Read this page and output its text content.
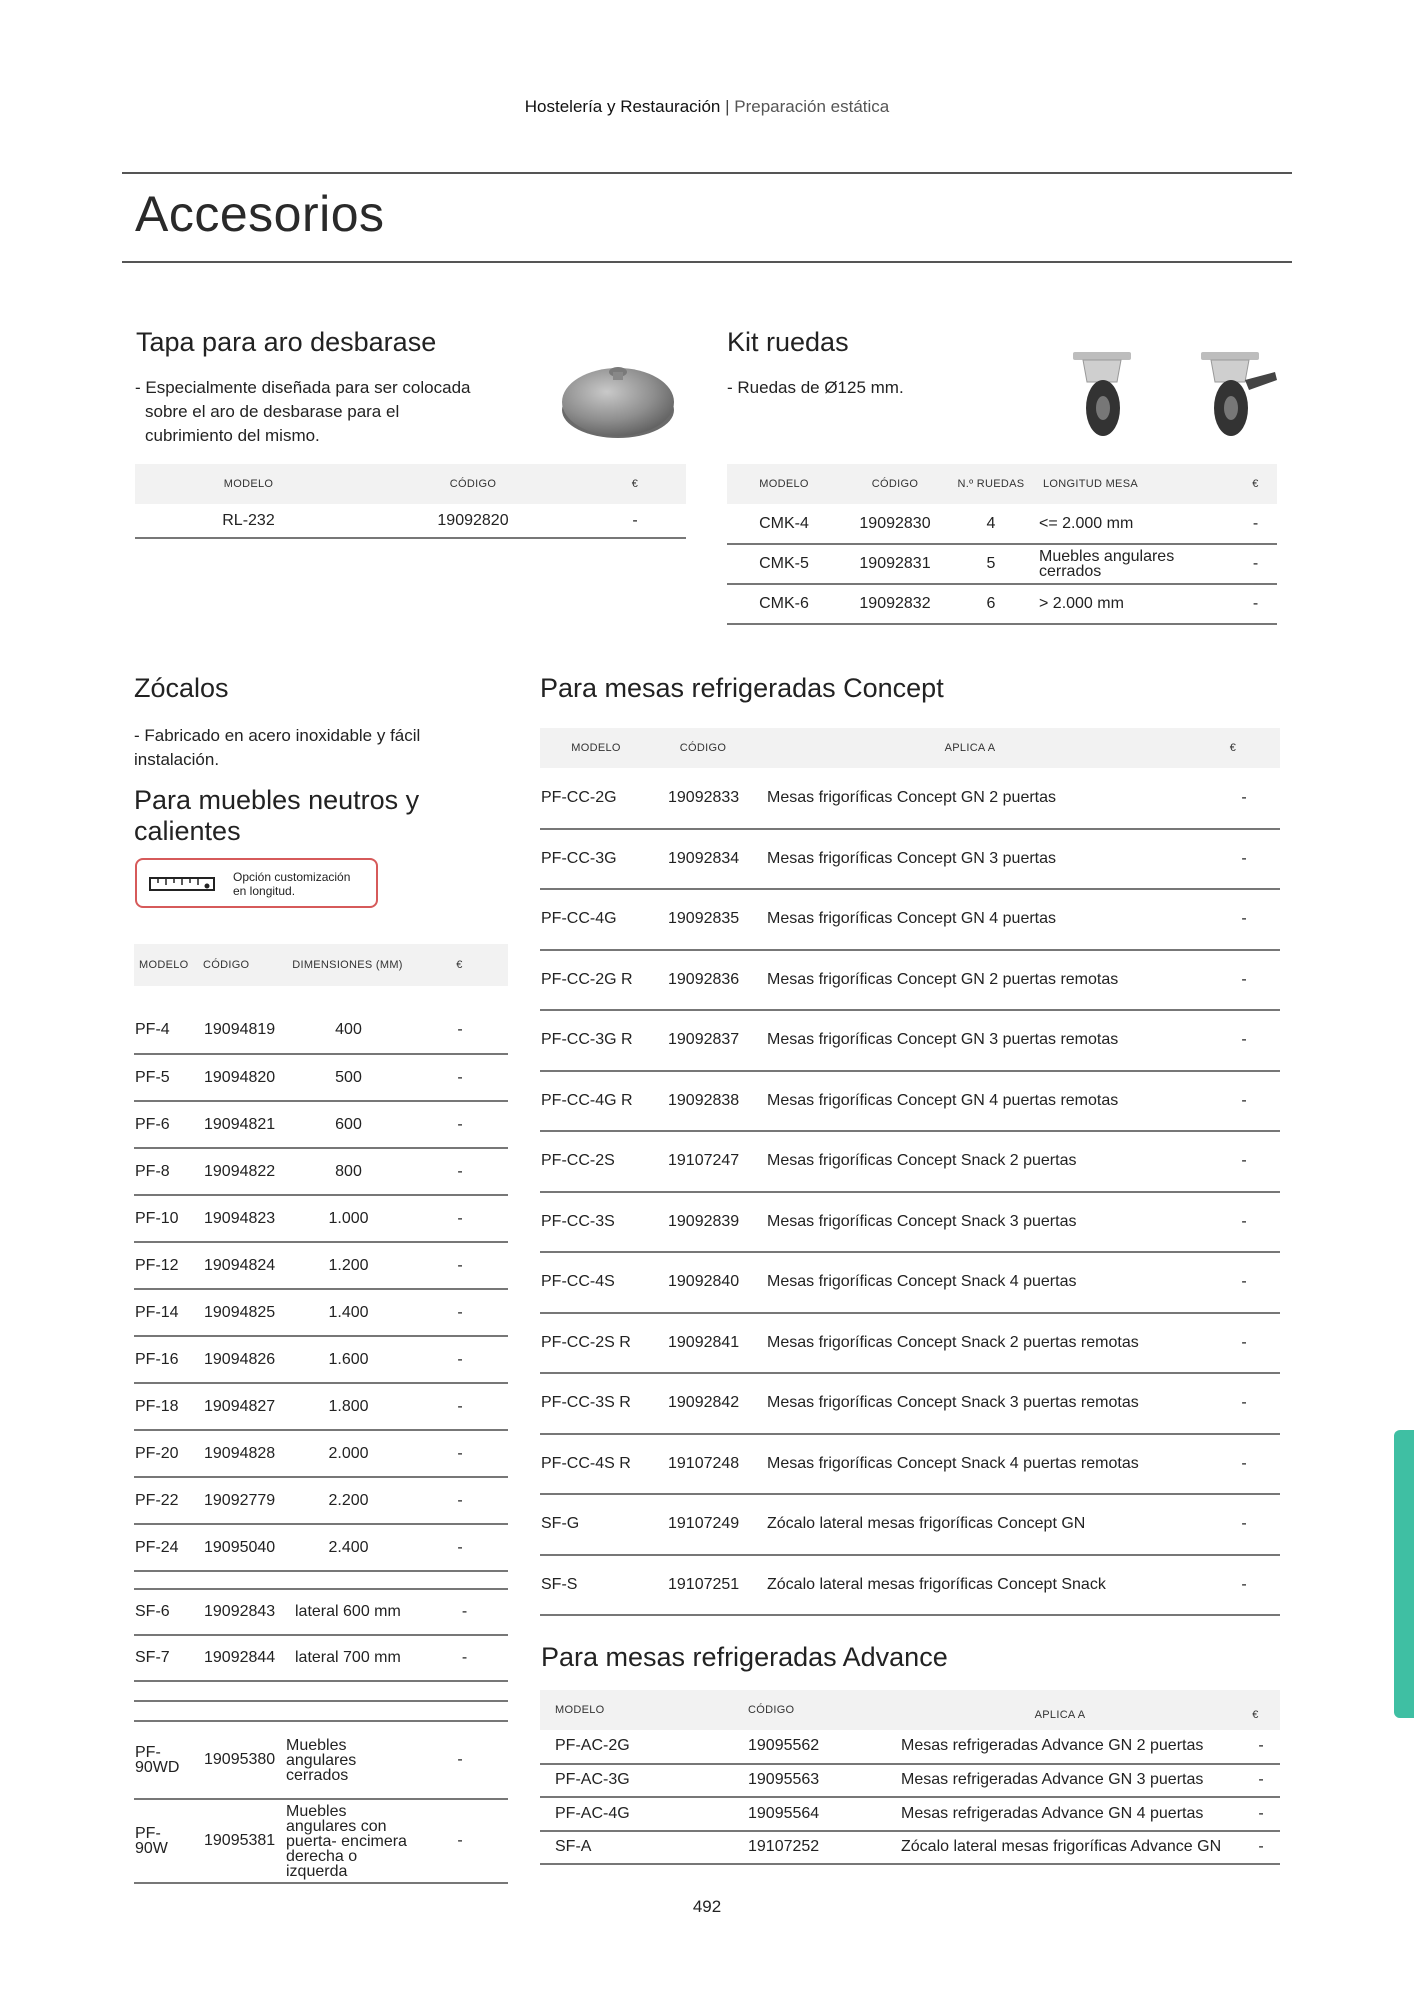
Hostelería y Restauración | Preparación estática
Accesorios
Tapa para aro desbarase
- Especialmente diseñada para ser colocada
sobre el aro de desbarase para el
cubrimiento del mismo.
MODELO	CÓDIGO	€
RL-232	19092820	-
Kit ruedas
- Ruedas de Ø125 mm.
MODELO	CÓDIGO	N.º RUEDAS	LONGITUD MESA	€
CMK-4	19092830	4	<= 2.000 mm	-
CMK-5	19092831	5	Muebles angulares
cerrados	-
CMK-6	19092832	6	> 2.000 mm	-
Zócalos
- Fabricado en acero inoxidable y fácil
instalación.
Para muebles neutros y
calientes
Opción customización
en longitud.
MODELO	CÓDIGO	DIMENSIONES (MM)	€

PF-4	19094819	400	-
PF-5	19094820	500	-
PF-6	19094821	600	-
PF-8	19094822	800	-
PF-10	19094823	1.000	-
PF-12	19094824	1.200	-
PF-14	19094825	1.400	-
PF-16	19094826	1.600	-
PF-18	19094827	1.800	-
PF-20	19094828	2.000	-
PF-22	19092779	2.200	-
PF-24	19095040	2.400	-

SF-6	19092843	lateral 600 mm	-
SF-7	19092844	lateral 700 mm	-

PF-
90WD	19095380	Muebles
angulares
cerrados	-
PF-
90W	19095381	Muebles
angulares con
puerta- encimera
derecha o
izquerda	-
Para mesas refrigeradas Concept
MODELO	CÓDIGO	APLICA A	€
PF-CC-2G	19092833	Mesas frigoríficas Concept GN 2 puertas	-
PF-CC-3G	19092834	Mesas frigoríficas Concept GN 3 puertas	-
PF-CC-4G	19092835	Mesas frigoríficas Concept GN 4 puertas	-
PF-CC-2G R	19092836	Mesas frigoríficas Concept GN 2 puertas remotas	-
PF-CC-3G R	19092837	Mesas frigoríficas Concept GN 3 puertas remotas	-
PF-CC-4G R	19092838	Mesas frigoríficas Concept GN 4 puertas remotas	-
PF-CC-2S	19107247	Mesas frigoríficas Concept Snack 2 puertas	-
PF-CC-3S	19092839	Mesas frigoríficas Concept Snack 3 puertas	-
PF-CC-4S	19092840	Mesas frigoríficas Concept Snack 4 puertas	-
PF-CC-2S R	19092841	Mesas frigoríficas Concept Snack 2 puertas remotas	-
PF-CC-3S R	19092842	Mesas frigoríficas Concept Snack 3 puertas remotas	-
PF-CC-4S R	19107248	Mesas frigoríficas Concept Snack 4 puertas remotas	-
SF-G	19107249	Zócalo lateral mesas frigoríficas Concept GN	-
SF-S	19107251	Zócalo lateral mesas frigoríficas Concept Snack	-
Para mesas refrigeradas Advance
MODELO	CÓDIGO	APLICA A	€
PF-AC-2G	19095562	Mesas refrigeradas Advance GN 2 puertas	-
PF-AC-3G	19095563	Mesas refrigeradas Advance GN 3 puertas	-
PF-AC-4G	19095564	Mesas refrigeradas Advance GN 4 puertas	-
SF-A	19107252	Zócalo lateral mesas frigoríficas Advance GN	-
492
